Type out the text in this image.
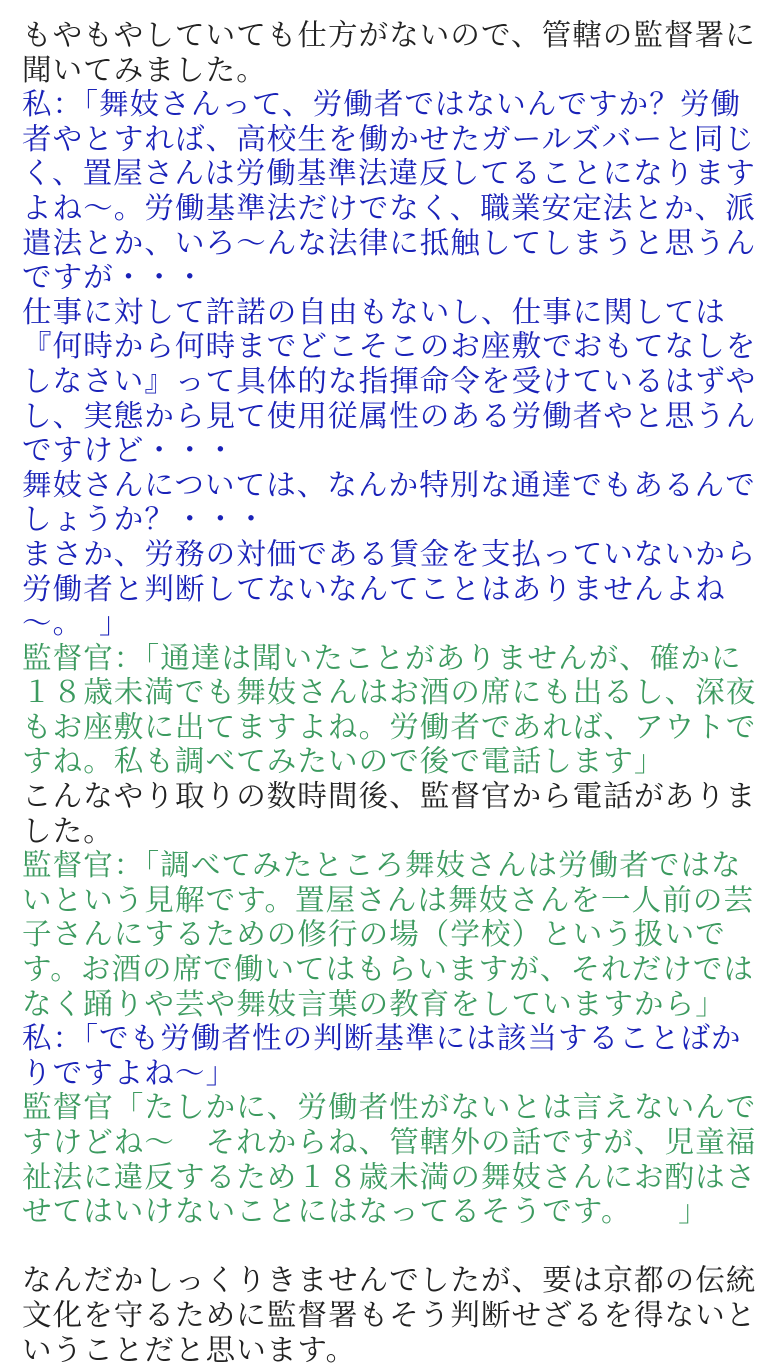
もやもやしていても仕方がないので、管轄の監督署に
聞いてみました。
私：「舞妓さんって、労働者ではないんですか？労働
者やとすれば、高校生を働かせたガールズバーと同じ
く、置屋さんは労働基準法違反してることになります
よね〜。労働基準法だけでなく、職業安定法とか、派
遣法とか、いろ〜んな法律に抵触してしまうと思うん
ですが・・・
仕事に対して許諾の自由もないし、仕事に関しては
『何時から何時までどこそこのお座敷でおもてなしを
しなさい』って具体的な指揮命令を受けているはずや
し、実態から見て使用従属性のある労働者やと思うん
ですけど・・・
舞妓さんについては、なんか特別な通達でもあるんで
しょうか？・・・
まさか、労務の対価である賃金を支払っていないから
労働者と判断してないなんてことはありませんよね
〜。　」
監督官：「通達は聞いたことがありませんが、確かに
１８歳未満でも舞妓さんはお酒の席にも出るし、深夜
もお座敷に出てますよね。労働者であれば、アウトで
すね。私も調べてみたいので後で電話します」
こんなやり取りの数時間後、監督官から電話がありま
した。
監督官：「調べてみたところ舞妓さんは労働者ではな
いという見解です。置屋さんは舞妓さんを一人前の芸
子さんにするための修行の場（学校）という扱いで
す。お酒の席で働いてはもらいますが、それだけでは
なく踊りや芸や舞妓言葉の教育をしていますから」
私：「でも労働者性の判断基準には該当することばか
りですよね〜」
監督官「たしかに、労働者性がないとは言えないんで
すけどね〜　それからね、管轄外の話ですが、児童福
祉法に違反するため１８歳未満の舞妓さんにお酌はさ
せてはいけないことにはなってるそうです。　　」
なんだかしっくりきませんでしたが、要は京都の伝統
文化を守るために監督署もそう判断せざるを得ないと
いうことだと思います。
